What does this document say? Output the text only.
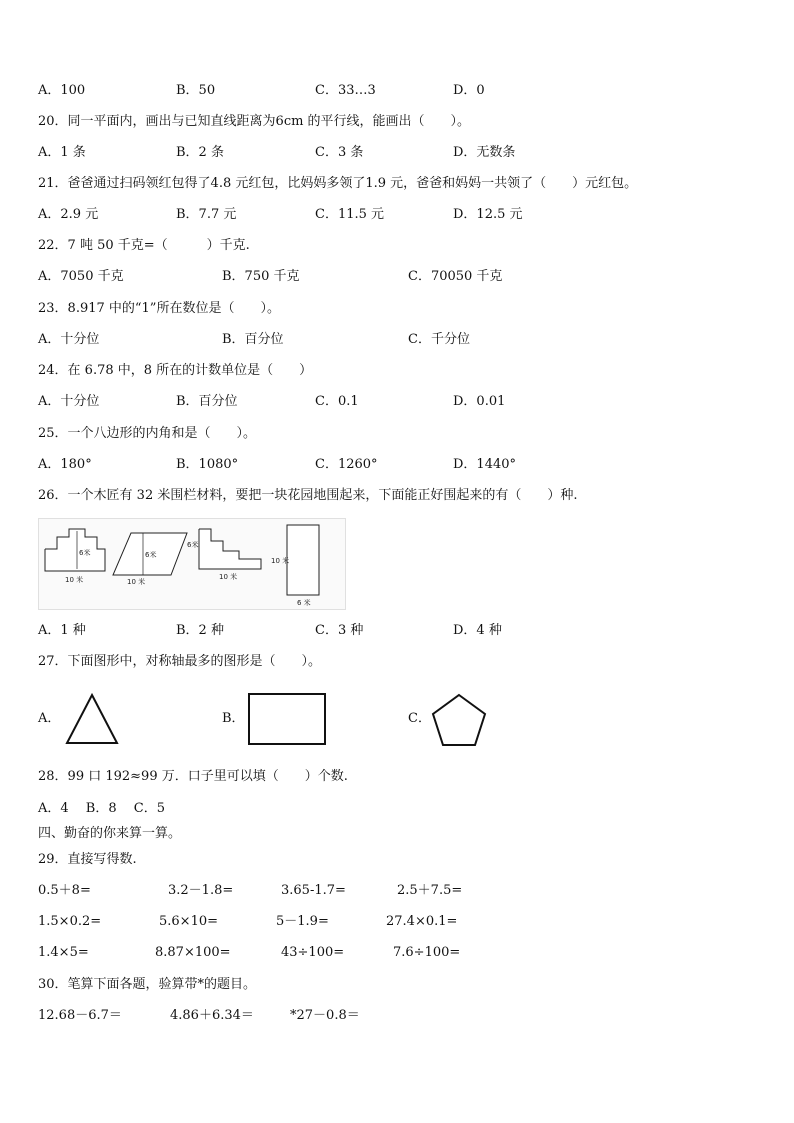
A．100	B．50	C．33…3	D．0
20．同一平面内，画出与已知直线距离为6cm 的平行线，能画出（　　）。
A．1 条	B．2 条	C．3 条	D．无数条
21．爸爸通过扫码领红包得了4.8 元红包，比妈妈多领了1.9 元，爸爸和妈妈一共领了（　　）元红包。
A．2.9 元	B．7.7 元	C．11.5 元	D．12.5 元
22．7 吨 50 千克=（　　　）千克.
A．7050 千克	B．750 千克	C．70050 千克
23．8.917 中的“1”所在数位是（　　）。
A．十分位	B．百分位	C．千分位
24．在 6.78 中，8 所在的计数单位是（　　）
A．十分位	B．百分位	C．0.1	D．0.01
25．一个八边形的内角和是（　　）。
A．180°	B．1080°	C．1260°	D．1440°
26．一个木匠有 32 米围栏材料，要把一块花园地围起来，下面能正好围起来的有（　　）种.
6米
10 米
6米
10 米
6米
10 米
10 米
6 米
A．1 种	B．2 种	C．3 种	D．4 种
27．下面图形中，对称轴最多的图形是（　　）。
A．	B．	C．
28．99 口 192≈99 万．口子里可以填（　　）个数.
A．4　 B．8　 C．5
四、勤奋的你来算一算。
29．直接写得数.
0.5＋8=	3.2－1.8=	3.65-1.7=	2.5＋7.5=
1.5×0.2=	5.6×10=	5－1.9=	27.4×0.1=
1.4×5=	8.87×100=	43÷100=	7.6÷100=
30．笔算下面各题，验算带*的题目。
12.68－6.7＝	4.86＋6.34＝	*27－0.8＝
